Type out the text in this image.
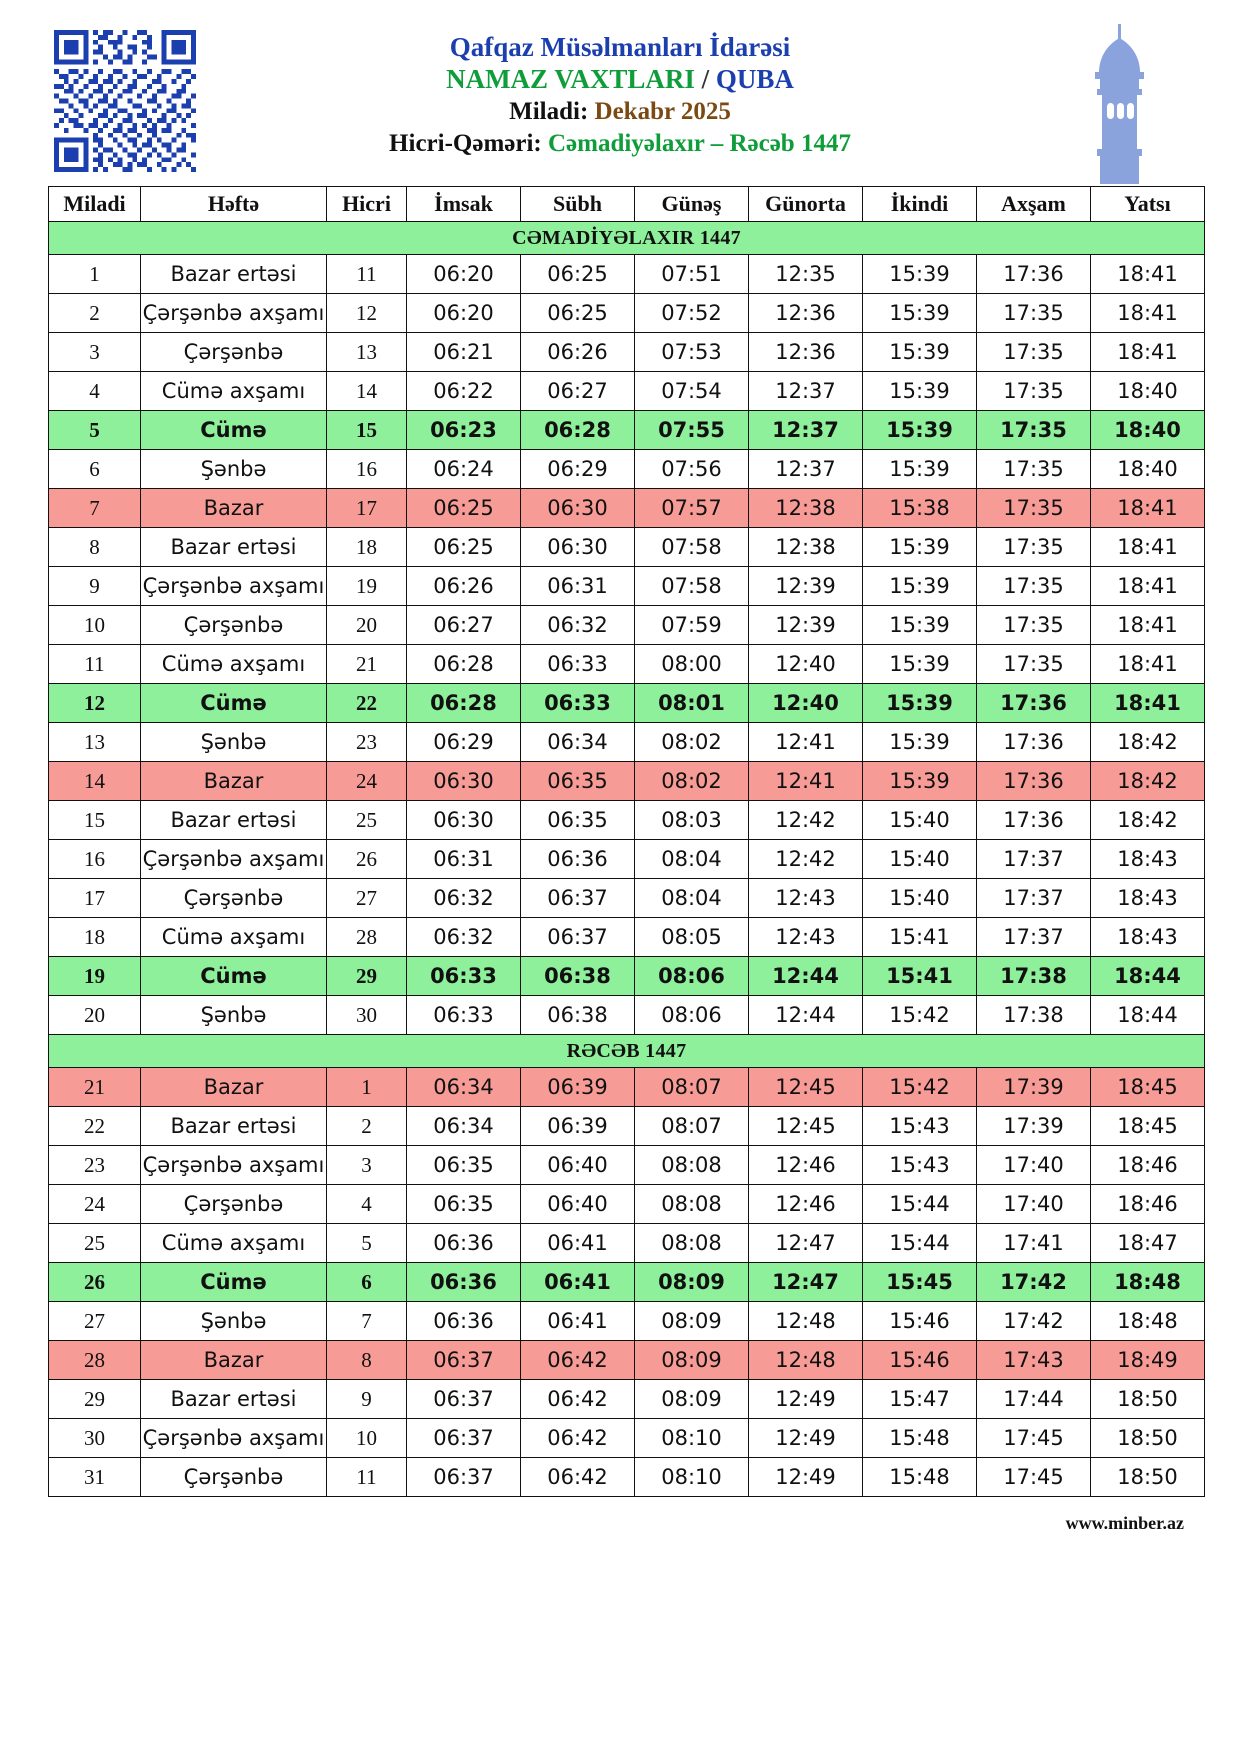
Qafqaz Müsəlmanları İdarəsi
NAMAZ VAXTLARI / QUBA
Miladi: Dekabr 2025
Hicri-Qəməri: Cəmadiyəlaxır – Rəcəb 1447
Miladi	Həftə	Hicri	İmsak	Sübh	Günəş	Günorta	İkindi	Axşam	Yatsı
CƏMADİYƏLAXIR 1447									
1	Bazar ertəsi	11	06:20	06:25	07:51	12:35	15:39	17:36	18:41
2	Çərşənbə axşamı	12	06:20	06:25	07:52	12:36	15:39	17:35	18:41
3	Çərşənbə	13	06:21	06:26	07:53	12:36	15:39	17:35	18:41
4	Cümə axşamı	14	06:22	06:27	07:54	12:37	15:39	17:35	18:40
5	Cümə	15	06:23	06:28	07:55	12:37	15:39	17:35	18:40
6	Şənbə	16	06:24	06:29	07:56	12:37	15:39	17:35	18:40
7	Bazar	17	06:25	06:30	07:57	12:38	15:38	17:35	18:41
8	Bazar ertəsi	18	06:25	06:30	07:58	12:38	15:39	17:35	18:41
9	Çərşənbə axşamı	19	06:26	06:31	07:58	12:39	15:39	17:35	18:41
10	Çərşənbə	20	06:27	06:32	07:59	12:39	15:39	17:35	18:41
11	Cümə axşamı	21	06:28	06:33	08:00	12:40	15:39	17:35	18:41
12	Cümə	22	06:28	06:33	08:01	12:40	15:39	17:36	18:41
13	Şənbə	23	06:29	06:34	08:02	12:41	15:39	17:36	18:42
14	Bazar	24	06:30	06:35	08:02	12:41	15:39	17:36	18:42
15	Bazar ertəsi	25	06:30	06:35	08:03	12:42	15:40	17:36	18:42
16	Çərşənbə axşamı	26	06:31	06:36	08:04	12:42	15:40	17:37	18:43
17	Çərşənbə	27	06:32	06:37	08:04	12:43	15:40	17:37	18:43
18	Cümə axşamı	28	06:32	06:37	08:05	12:43	15:41	17:37	18:43
19	Cümə	29	06:33	06:38	08:06	12:44	15:41	17:38	18:44
20	Şənbə	30	06:33	06:38	08:06	12:44	15:42	17:38	18:44
RƏCƏB 1447									
21	Bazar	1	06:34	06:39	08:07	12:45	15:42	17:39	18:45
22	Bazar ertəsi	2	06:34	06:39	08:07	12:45	15:43	17:39	18:45
23	Çərşənbə axşamı	3	06:35	06:40	08:08	12:46	15:43	17:40	18:46
24	Çərşənbə	4	06:35	06:40	08:08	12:46	15:44	17:40	18:46
25	Cümə axşamı	5	06:36	06:41	08:08	12:47	15:44	17:41	18:47
26	Cümə	6	06:36	06:41	08:09	12:47	15:45	17:42	18:48
27	Şənbə	7	06:36	06:41	08:09	12:48	15:46	17:42	18:48
28	Bazar	8	06:37	06:42	08:09	12:48	15:46	17:43	18:49
29	Bazar ertəsi	9	06:37	06:42	08:09	12:49	15:47	17:44	18:50
30	Çərşənbə axşamı	10	06:37	06:42	08:10	12:49	15:48	17:45	18:50
31	Çərşənbə	11	06:37	06:42	08:10	12:49	15:48	17:45	18:50
www.minber.az
